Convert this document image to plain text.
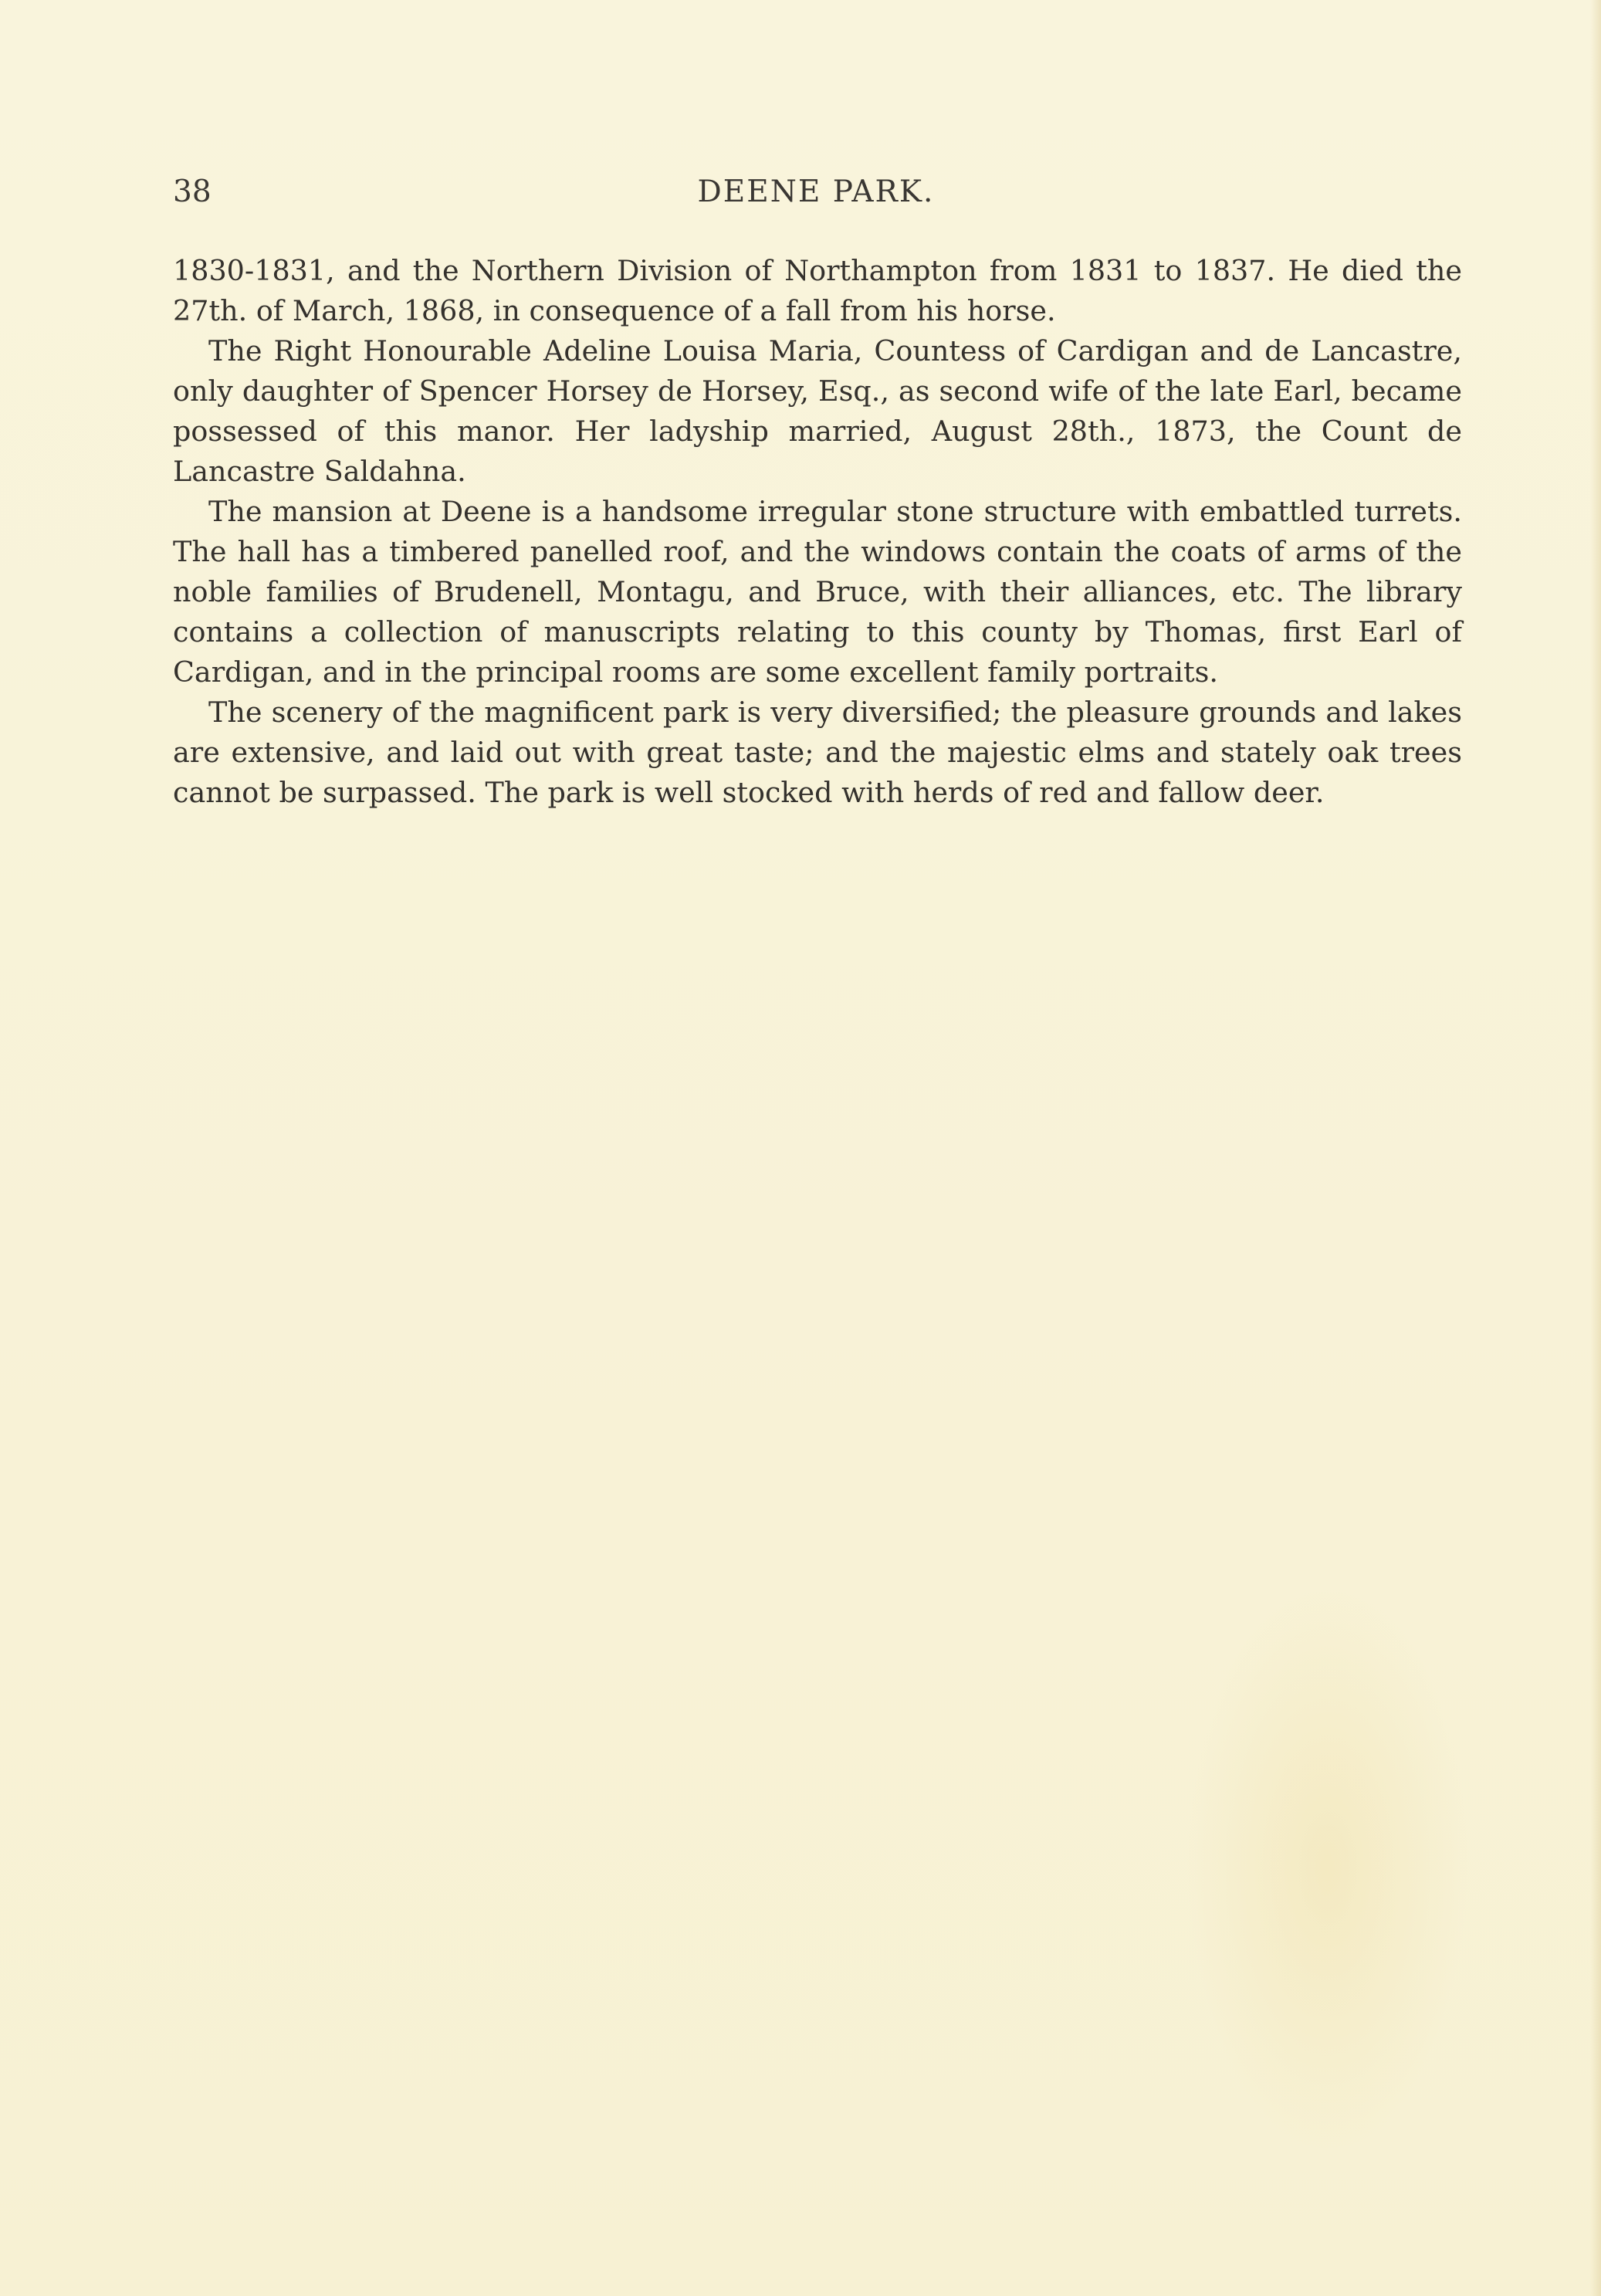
38	DEENE PARK.

1830-1831, and the Northern Division of Northampton from 1831 to 1837. He died the 27th. of March, 1868, in consequence of a fall from his horse.

The Right Honourable Adeline Louisa Maria, Countess of Cardigan and de Lancastre, only daughter of Spencer Horsey de Horsey, Esq., as second wife of the late Earl, became possessed of this manor. Her ladyship married, August 28th., 1873, the Count de Lancastre Saldahna.

The mansion at Deene is a handsome irregular stone structure with embattled turrets. The hall has a timbered panelled roof, and the windows contain the coats of arms of the noble families of Brudenell, Montagu, and Bruce, with their alliances, etc. The library contains a collection of manuscripts relating to this county by Thomas, first Earl of Cardigan, and in the principal rooms are some excellent family portraits.

The scenery of the magnificent park is very diversified; the pleasure grounds and lakes are extensive, and laid out with great taste; and the majestic elms and stately oak trees cannot be surpassed. The park is well stocked with herds of red and fallow deer.
